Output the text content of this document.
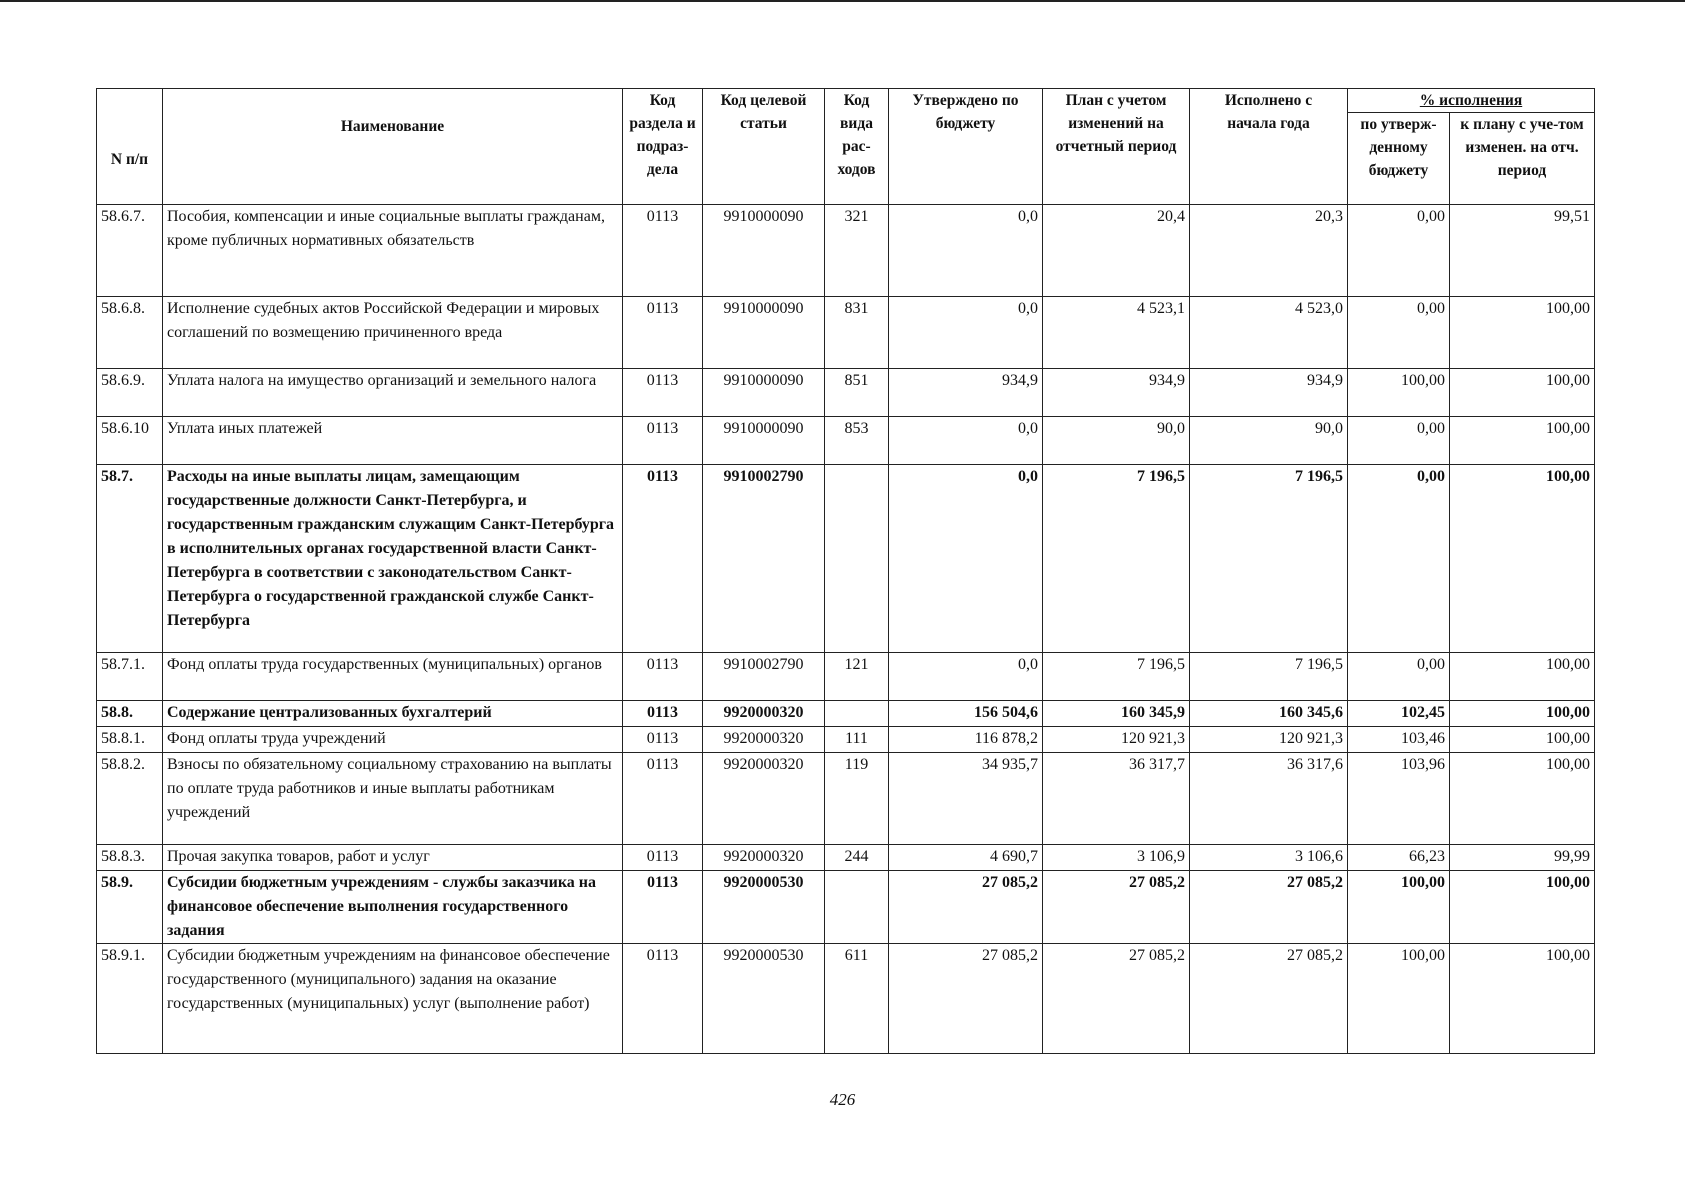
N п/п	Наименование	Код раздела и подраз-дела	Код целевой статьи	Код вида рас-ходов	Утверждено по бюджету	План с учетом изменений на отчетный период	Исполнено с начала года	% исполнения	
								по утверж-денному бюджету	к плану с уче-том изменен. на отч. период
58.6.7.	Пособия, компенсации и иные социальные выплаты гражданам, кроме публичных нормативных обязательств	0113	9910000090	321	0,0	20,4	20,3	0,00	99,51
58.6.8.	Исполнение судебных актов Российской Федерации и мировых соглашений по возмещению причиненного вреда	0113	9910000090	831	0,0	4 523,1	4 523,0	0,00	100,00
58.6.9.	Уплата налога на имущество организаций и земельного налога	0113	9910000090	851	934,9	934,9	934,9	100,00	100,00
58.6.10	Уплата иных платежей	0113	9910000090	853	0,0	90,0	90,0	0,00	100,00
58.7.	Расходы на иные выплаты лицам, замещающим государственные должности Санкт-Петербурга, и государственным гражданским служащим Санкт-Петербурга в исполнительных органах государственной власти Санкт-Петербурга в соответствии с законодательством Санкт-Петербурга о государственной гражданской службе Санкт-Петербурга	0113	9910002790		0,0	7 196,5	7 196,5	0,00	100,00
58.7.1.	Фонд оплаты труда государственных (муниципальных) органов	0113	9910002790	121	0,0	7 196,5	7 196,5	0,00	100,00
58.8.	Содержание централизованных бухгалтерий	0113	9920000320		156 504,6	160 345,9	160 345,6	102,45	100,00
58.8.1.	Фонд оплаты труда учреждений	0113	9920000320	111	116 878,2	120 921,3	120 921,3	103,46	100,00
58.8.2.	Взносы по обязательному социальному страхованию на выплаты по оплате труда работников и иные выплаты работникам учреждений	0113	9920000320	119	34 935,7	36 317,7	36 317,6	103,96	100,00
58.8.3.	Прочая закупка товаров, работ и услуг	0113	9920000320	244	4 690,7	3 106,9	3 106,6	66,23	99,99
58.9.	Субсидии бюджетным учреждениям - службы заказчика на финансовое обеспечение выполнения государственного задания	0113	9920000530		27 085,2	27 085,2	27 085,2	100,00	100,00
58.9.1.	Субсидии бюджетным учреждениям на финансовое обеспечение государственного (муниципального) задания на оказание государственных (муниципальных) услуг (выполнение работ)	0113	9920000530	611	27 085,2	27 085,2	27 085,2	100,00	100,00
426
